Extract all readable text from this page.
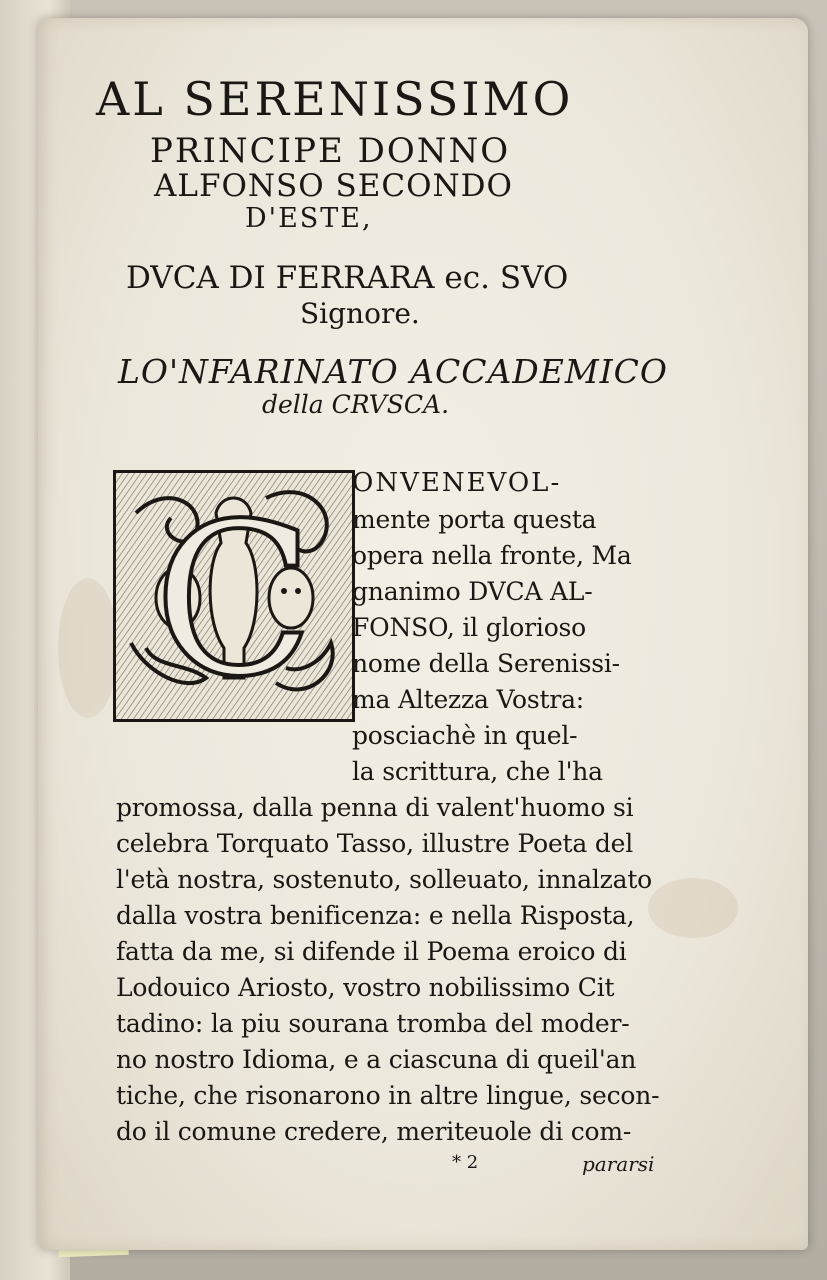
AL SERENISSIMO
PRINCIPE DONNO
ALFONSO SECONDO
D'ESTE,
DVCA DI FERRARA ec. SVO
Signore.
LO'NFARINATO ACCADEMICO
della CRVSCA.
C ONVENEVOL-
mente porta questa
opera nella fronte, Ma
gnanimo DVCA AL-
FONSO, il glorioso
nome della Serenissi-
ma Altezza Vostra:
posciachè in quel-
la scrittura, che l'ha
promossa, dalla penna di valent'huomo si
celebra Torquato Tasso, illustre Poeta del
l'età nostra, sostenuto, solleuato, innalzato
dalla vostra benificenza: e nella Risposta,
fatta da me, si difende il Poema eroico di
Lodouico Ariosto, vostro nobilissimo Cit
tadino: la piu sourana tromba del moder-
no nostro Idioma, e a ciascuna di queil'an
tiche, che risonarono in altre lingue, secon-
do il comune credere, meriteuole di com-
* 2	pararsi
